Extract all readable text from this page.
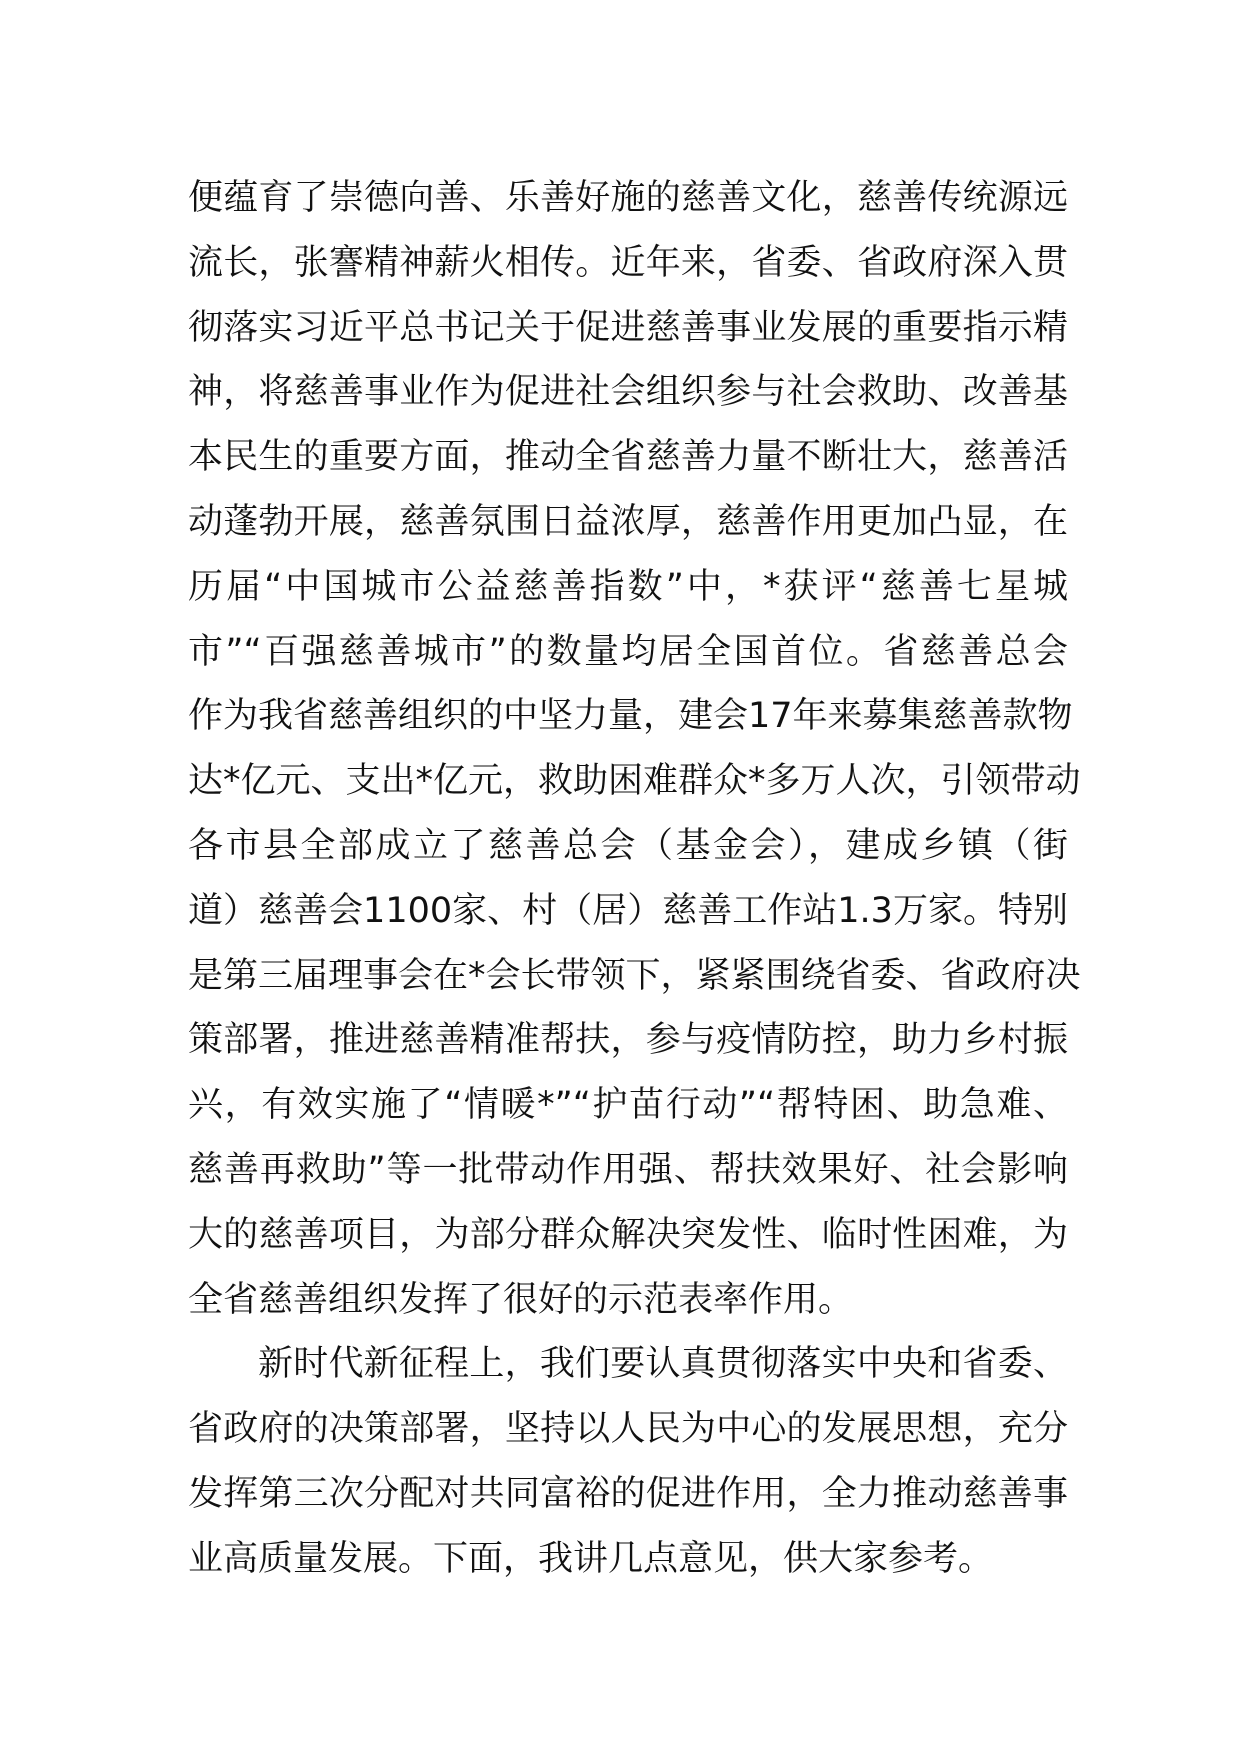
便蕴育了崇德向善、乐善好施的慈善文化，慈善传统源远
流长，张謇精神薪火相传。近年来，省委、省政府深入贯
彻落实习近平总书记关于促进慈善事业发展的重要指示精
神，将慈善事业作为促进社会组织参与社会救助、改善基
本民生的重要方面，推动全省慈善力量不断壮大，慈善活
动蓬勃开展，慈善氛围日益浓厚，慈善作用更加凸显，在
历届“中国城市公益慈善指数”中，*获评“慈善七星城
市”“百强慈善城市”的数量均居全国首位。省慈善总会
作为我省慈善组织的中坚力量，建会17年来募集慈善款物
达*亿元、支出*亿元，救助困难群众*多万人次，引领带动
各市县全部成立了慈善总会（基金会），建成乡镇（街
道）慈善会1100家、村（居）慈善工作站1.3万家。特别
是第三届理事会在*会长带领下，紧紧围绕省委、省政府决
策部署，推进慈善精准帮扶，参与疫情防控，助力乡村振
兴，有效实施了“情暖*”“护苗行动”“帮特困、助急难、
慈善再救助”等一批带动作用强、帮扶效果好、社会影响
大的慈善项目，为部分群众解决突发性、临时性困难，为
全省慈善组织发挥了很好的示范表率作用。
新时代新征程上，我们要认真贯彻落实中央和省委、
省政府的决策部署，坚持以人民为中心的发展思想，充分
发挥第三次分配对共同富裕的促进作用，全力推动慈善事
业高质量发展。下面，我讲几点意见，供大家参考。
